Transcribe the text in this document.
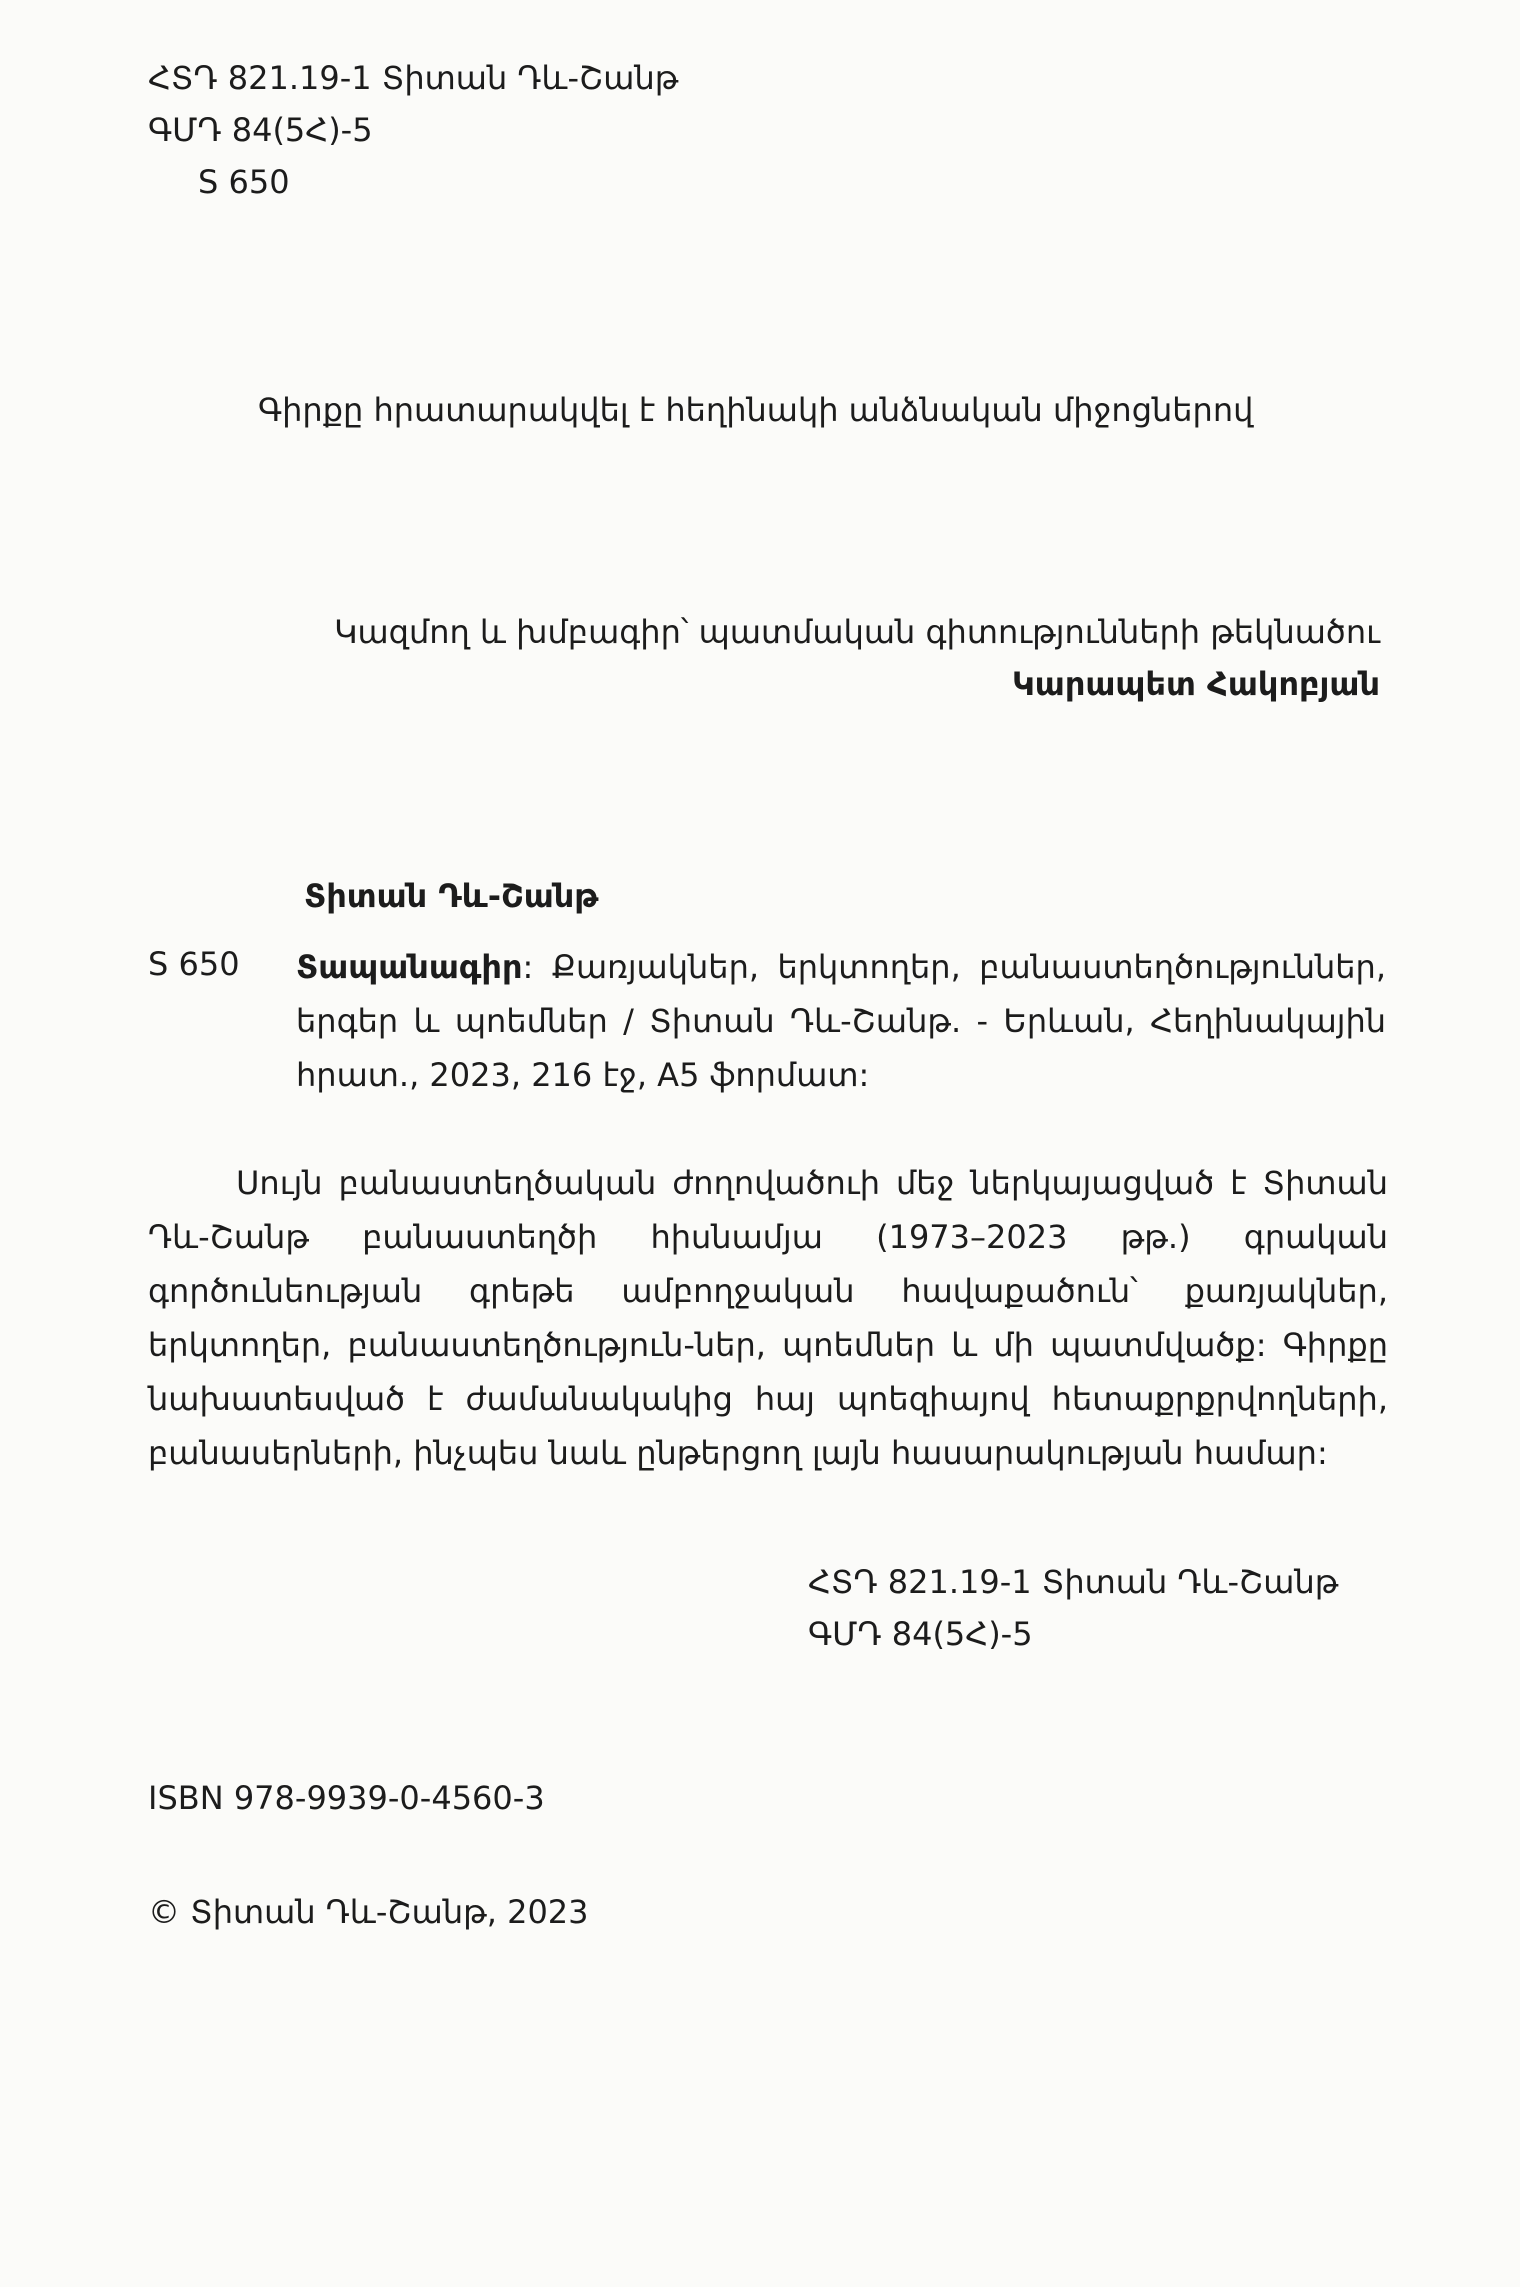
ՀՏԴ 821.19-1 Տիտան Դև-Շանթ
ԳՄԴ 84(5Հ)-5
S 650
Գիրքը հրատարակվել է հեղինակի անձնական միջոցներով
Կազմող և խմբագիր՝ պատմական գիտությունների թեկնածու
Կարապետ Հակոբյան
Տիտան Դև-Շանթ
S 650 Տապանագիր: Քառյակներ, երկտողեր, բանաստեղծություններ, երգեր և պոեմներ / Տիտան Դև-Շանթ. - Երևան, Հեղինակային հրատ., 2023, 216 էջ, A5 ֆորմատ:
Սույն բանաստեղծական ժողովածուի մեջ ներկայացված է Տիտան Դև-Շանթ բանաստեղծի հիսնամյա (1973–2023 թթ.) գրական գործունեության գրեթե ամբողջական հավաքածուն՝ քառյակներ, երկտողեր, բանաստեղծություն-ներ, պոեմներ և մի պատմվածք: Գիրքը նախատեսված է ժամանակակից հայ պոեզիայով հետաքրքրվողների, բանասերների, ինչպես նաև ընթերցող լայն հասարակության համար:
ՀՏԴ 821.19-1 Տիտան Դև-Շանթ
ԳՄԴ 84(5Հ)-5
ISBN 978-9939-0-4560-3
© Տիտան Դև-Շանթ, 2023
